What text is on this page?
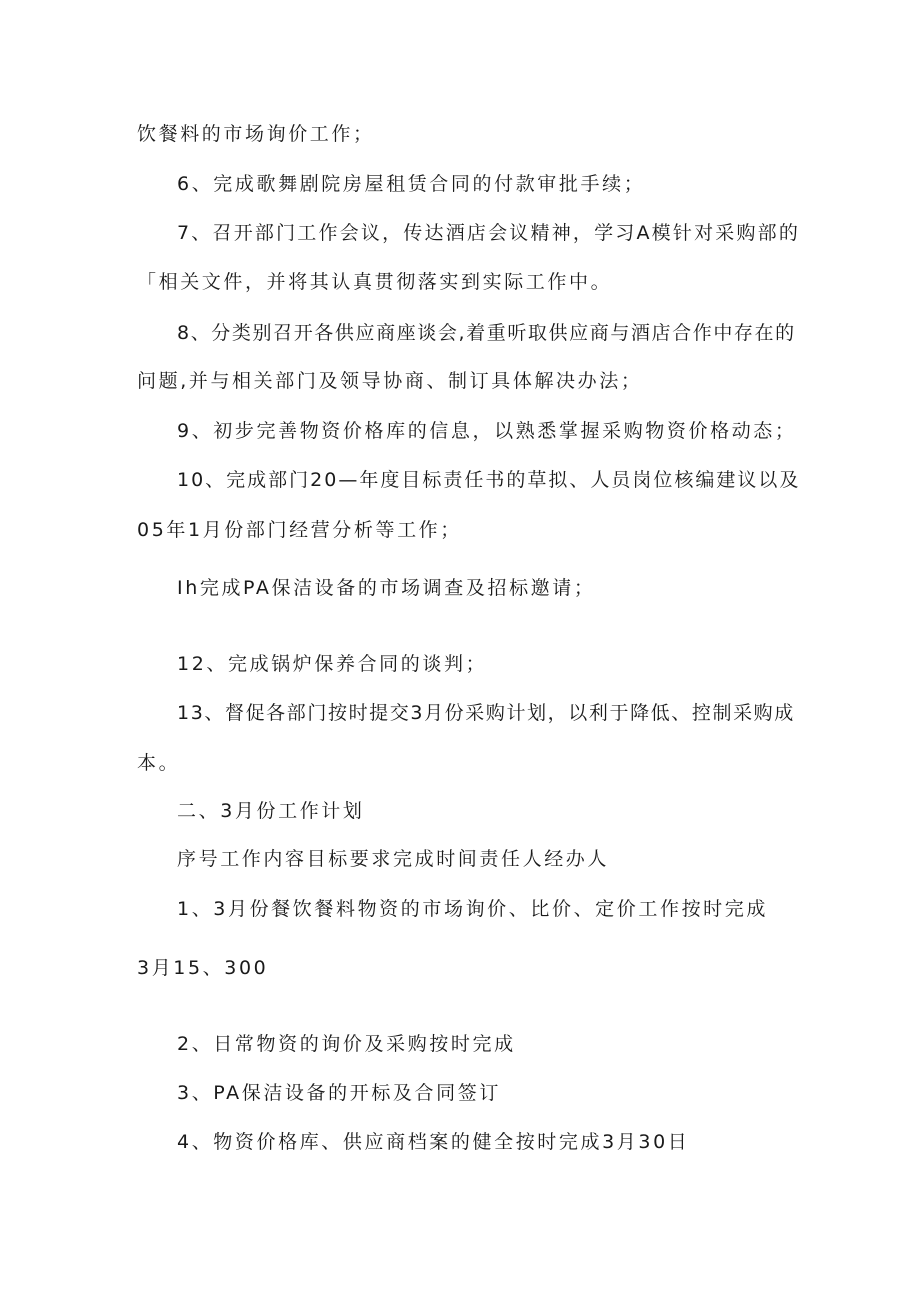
饮餐料的市场询价工作；
6、完成歌舞剧院房屋租赁合同的付款审批手续；
7、召开部门工作会议，传达酒店会议精神，学习A模针对采购部的
「相关文件，并将其认真贯彻落实到实际工作中。
8、分类别召开各供应商座谈会,着重听取供应商与酒店合作中存在的
问题,并与相关部门及领导协商、制订具体解决办法；
9、初步完善物资价格库的信息，以熟悉掌握采购物资价格动态；
10、完成部门20—年度目标责任书的草拟、人员岗位核编建议以及
05年1月份部门经营分析等工作；
Ih完成PA保洁设备的市场调查及招标邀请；
12、完成锅炉保养合同的谈判；
13、督促各部门按时提交3月份采购计划，以利于降低、控制采购成
本。
二、3月份工作计划
序号工作内容目标要求完成时间责任人经办人
1、3月份餐饮餐料物资的市场询价、比价、定价工作按时完成
3月15、300
2、日常物资的询价及采购按时完成
3、PA保洁设备的开标及合同签订
4、物资价格库、供应商档案的健全按时完成3月30日
